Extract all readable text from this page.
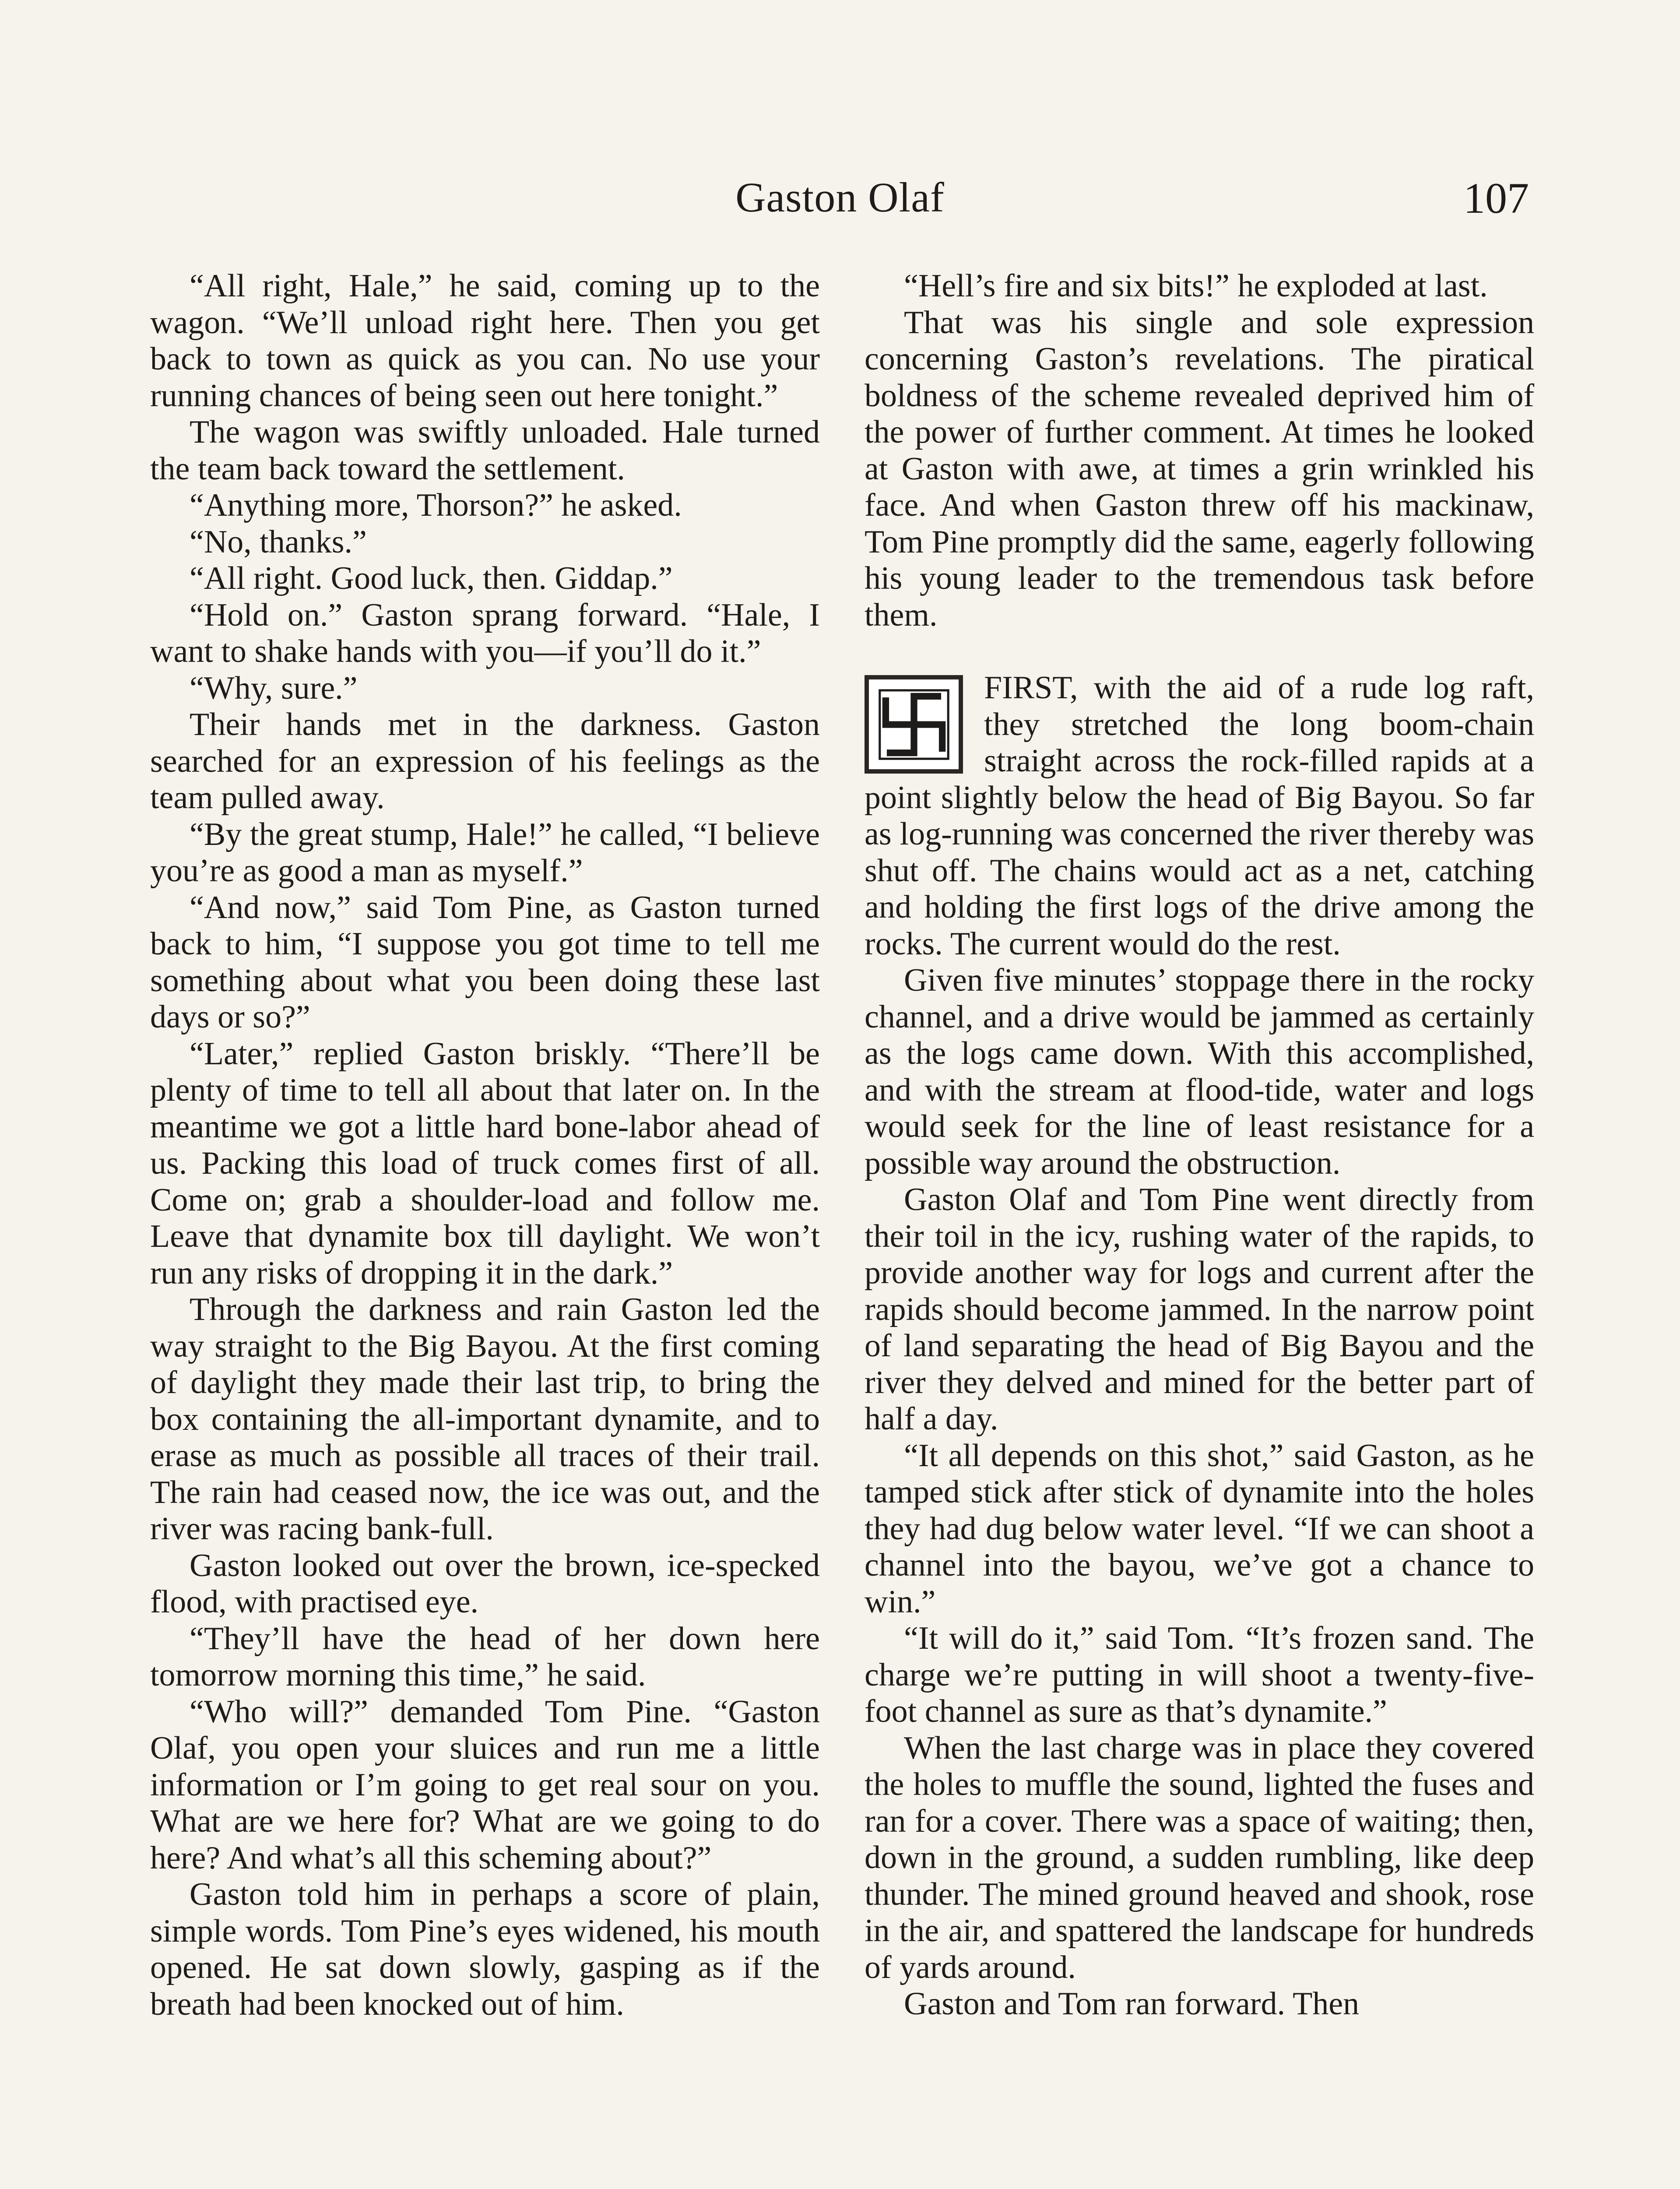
Gaston Olaf	107

“All right, Hale,” he said, coming up to the wagon. “We’ll unload right here. Then you get back to town as quick as you can. No use your running chances of being seen out here tonight.”

The wagon was swiftly unloaded. Hale turned the team back toward the settlement.

“Anything more, Thorson?” he asked.

“No, thanks.”

“All right. Good luck, then. Giddap.”

“Hold on.” Gaston sprang forward. “Hale, I want to shake hands with you—if you’ll do it.”

“Why, sure.”

Their hands met in the darkness. Gaston searched for an expression of his feelings as the team pulled away.

“By the great stump, Hale!” he called, “I believe you’re as good a man as myself.”

“And now,” said Tom Pine, as Gaston turned back to him, “I suppose you got time to tell me something about what you been doing these last days or so?”

“Later,” replied Gaston briskly. “There’ll be plenty of time to tell all about that later on. In the meantime we got a little hard bone-labor ahead of us. Packing this load of truck comes first of all. Come on; grab a shoulder-load and follow me. Leave that dynamite box till daylight. We won’t run any risks of dropping it in the dark.”

Through the darkness and rain Gaston led the way straight to the Big Bayou. At the first coming of daylight they made their last trip, to bring the box containing the all-important dynamite, and to erase as much as possible all traces of their trail. The rain had ceased now, the ice was out, and the river was racing bank-full.

Gaston looked out over the brown, ice-specked flood, with practised eye.

“They’ll have the head of her down here tomorrow morning this time,” he said.

“Who will?” demanded Tom Pine. “Gaston Olaf, you open your sluices and run me a little information or I’m going to get real sour on you. What are we here for? What are we going to do here? And what’s all this scheming about?”

Gaston told him in perhaps a score of plain, simple words. Tom Pine’s eyes widened, his mouth opened. He sat down slowly, gasping as if the breath had been knocked out of him.

“Hell’s fire and six bits!” he exploded at last.

That was his single and sole expression concerning Gaston’s revelations. The piratical boldness of the scheme revealed deprived him of the power of further comment. At times he looked at Gaston with awe, at times a grin wrinkled his face. And when Gaston threw off his mackinaw, Tom Pine promptly did the same, eagerly following his young leader to the tremendous task before them.

FIRST, with the aid of a rude log raft, they stretched the long boom-chain straight across the rock-filled rapids at a point slightly below the head of Big Bayou. So far as log-running was concerned the river thereby was shut off. The chains would act as a net, catching and holding the first logs of the drive among the rocks. The current would do the rest.

Given five minutes’ stoppage there in the rocky channel, and a drive would be jammed as certainly as the logs came down. With this accomplished, and with the stream at flood-tide, water and logs would seek for the line of least resistance for a possible way around the obstruction.

Gaston Olaf and Tom Pine went directly from their toil in the icy, rushing water of the rapids, to provide another way for logs and current after the rapids should become jammed. In the narrow point of land separating the head of Big Bayou and the river they delved and mined for the better part of half a day.

“It all depends on this shot,” said Gaston, as he tamped stick after stick of dynamite into the holes they had dug below water level. “If we can shoot a channel into the bayou, we’ve got a chance to win.”

“It will do it,” said Tom. “It’s frozen sand. The charge we’re putting in will shoot a twenty-five-foot channel as sure as that’s dynamite.”

When the last charge was in place they covered the holes to muffle the sound, lighted the fuses and ran for a cover. There was a space of waiting; then, down in the ground, a sudden rumbling, like deep thunder. The mined ground heaved and shook, rose in the air, and spattered the landscape for hundreds of yards around.

Gaston and Tom ran forward. Then
